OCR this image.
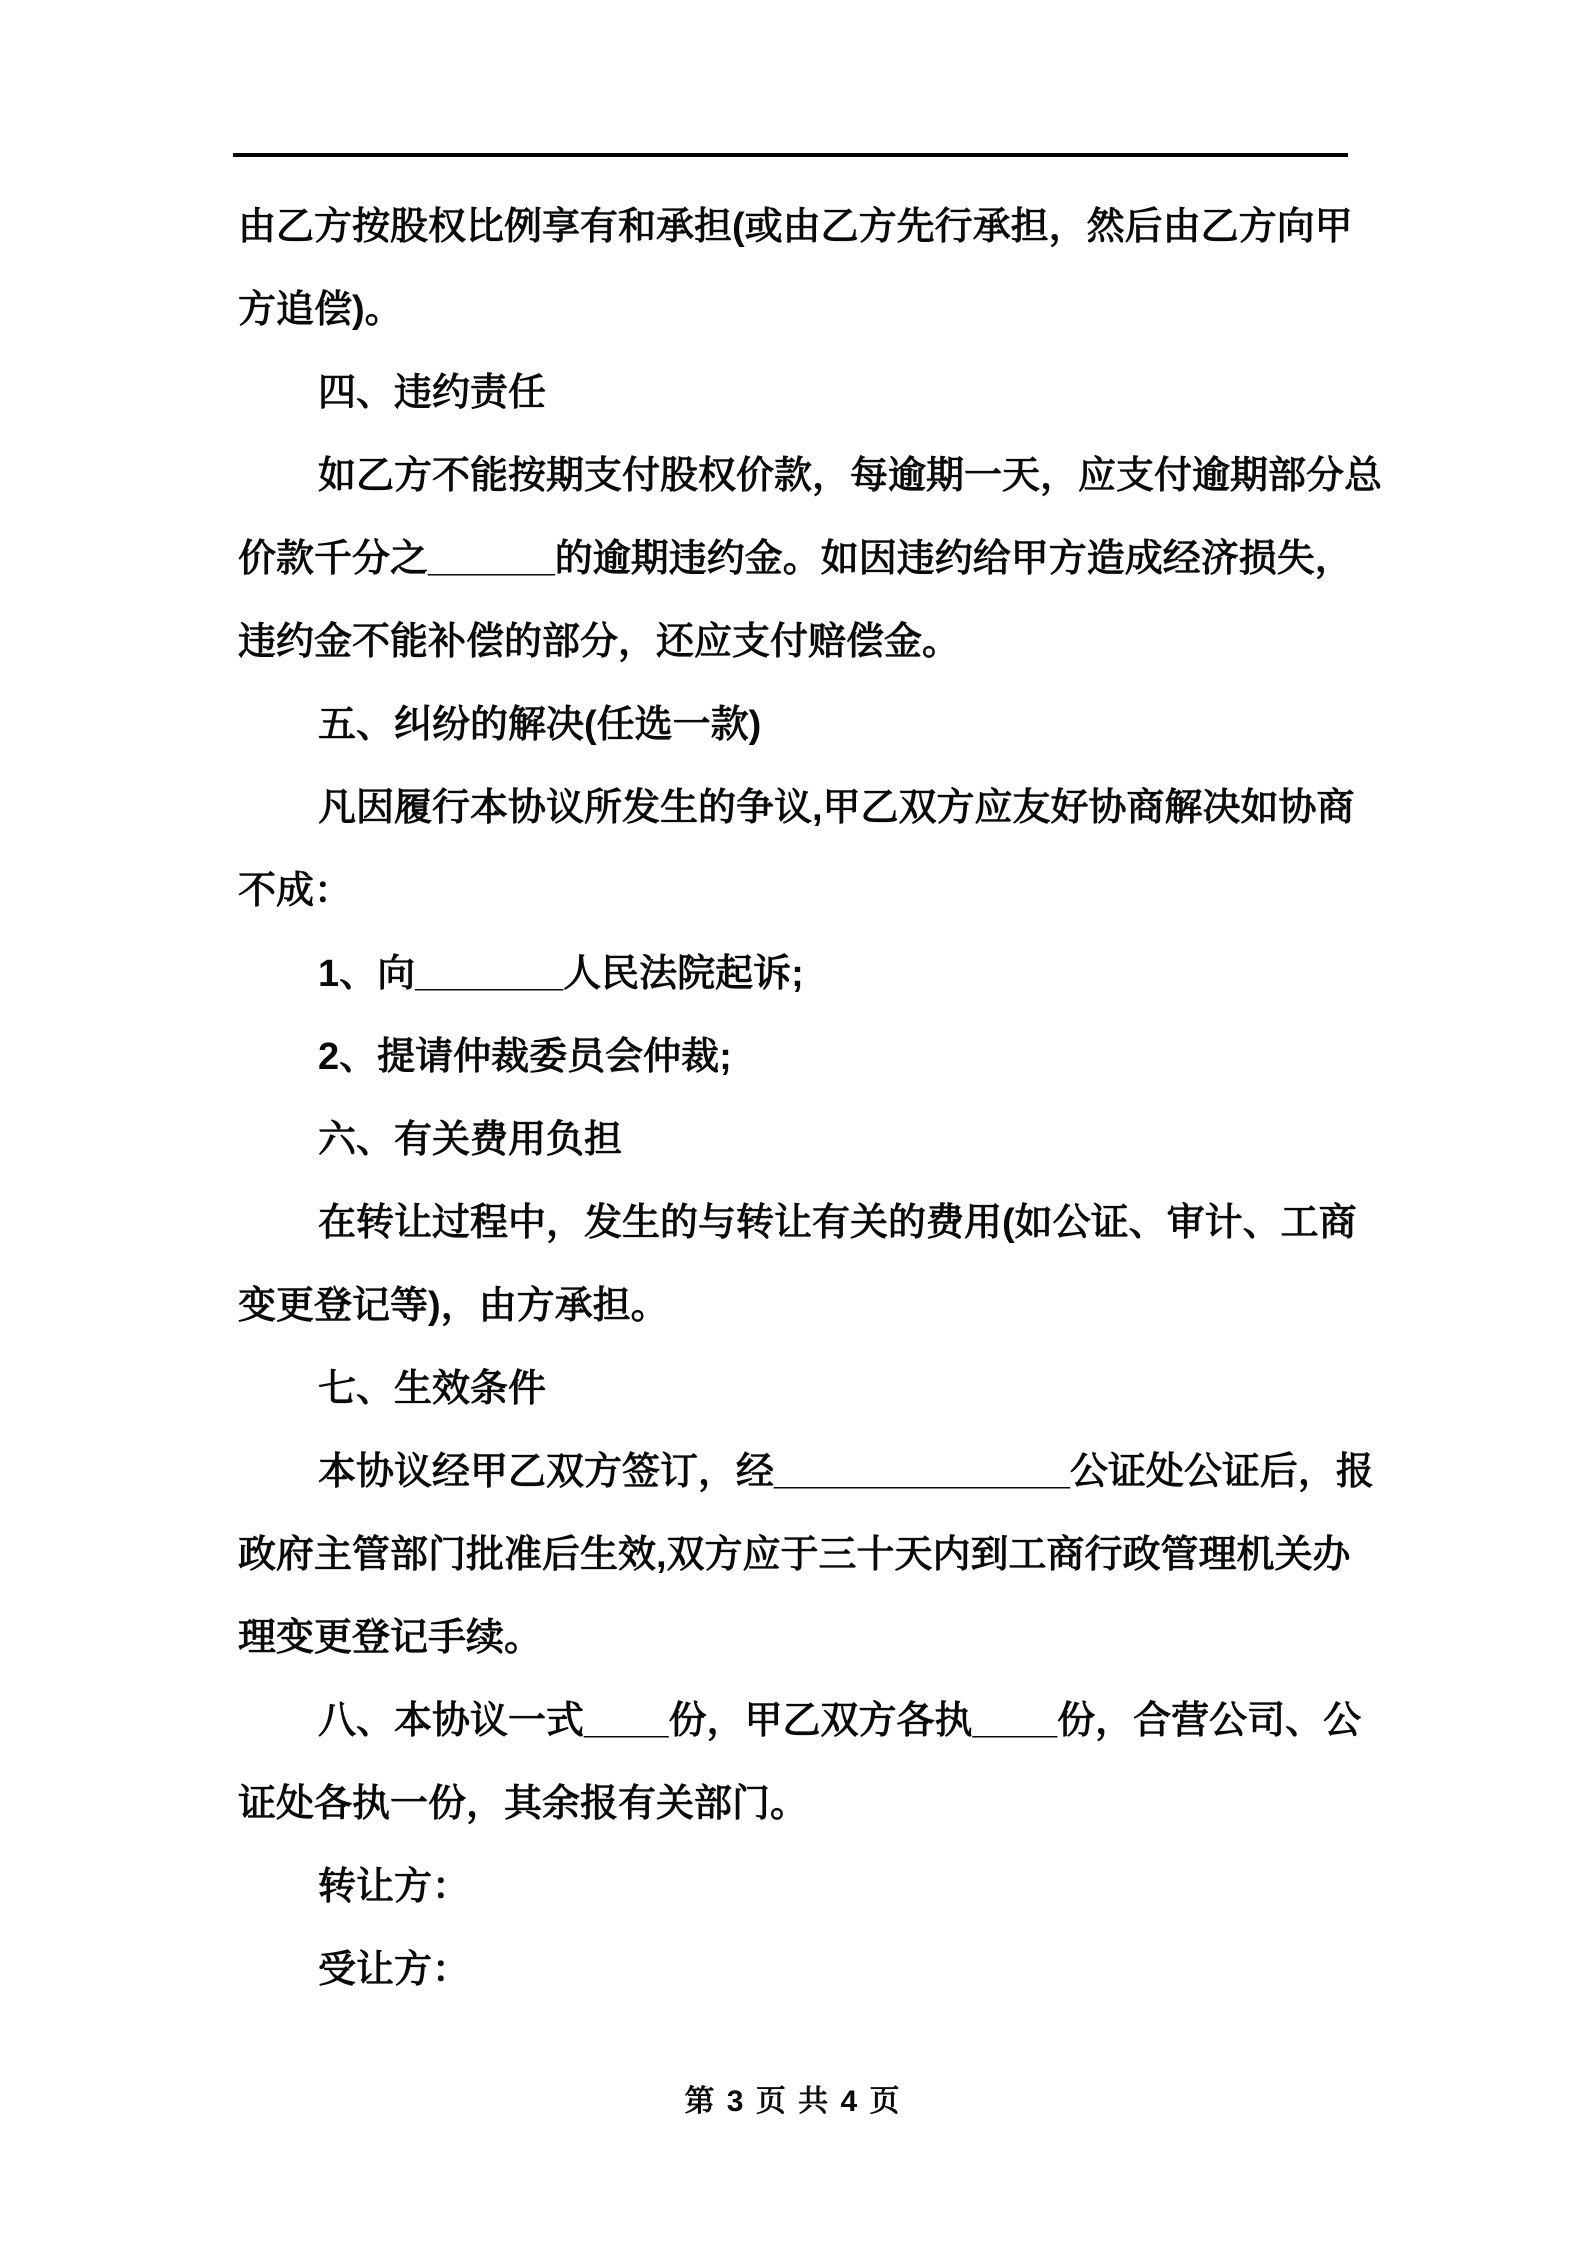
由乙方按股权比例享有和承担(或由乙方先行承担，然后由乙方向甲
方追偿)。
四、违约责任
如乙方不能按期支付股权价款，每逾期一天，应支付逾期部分总
价款千分之______的逾期违约金。如因违约给甲方造成经济损失，
违约金不能补偿的部分，还应支付赔偿金。
五、纠纷的解决(任选一款)
凡因履行本协议所发生的争议,甲乙双方应友好协商解决如协商
不成：
1、向_______人民法院起诉;
2、提请仲裁委员会仲裁;
六、有关费用负担
在转让过程中，发生的与转让有关的费用(如公证、审计、工商
变更登记等)，由方承担。
七、生效条件
本协议经甲乙双方签订，经______________公证处公证后，报
政府主管部门批准后生效,双方应于三十天内到工商行政管理机关办
理变更登记手续。
八、本协议一式____份，甲乙双方各执____份，合营公司、公
证处各执一份，其余报有关部门。
转让方：
受让方：
第 3 页 共 4 页
